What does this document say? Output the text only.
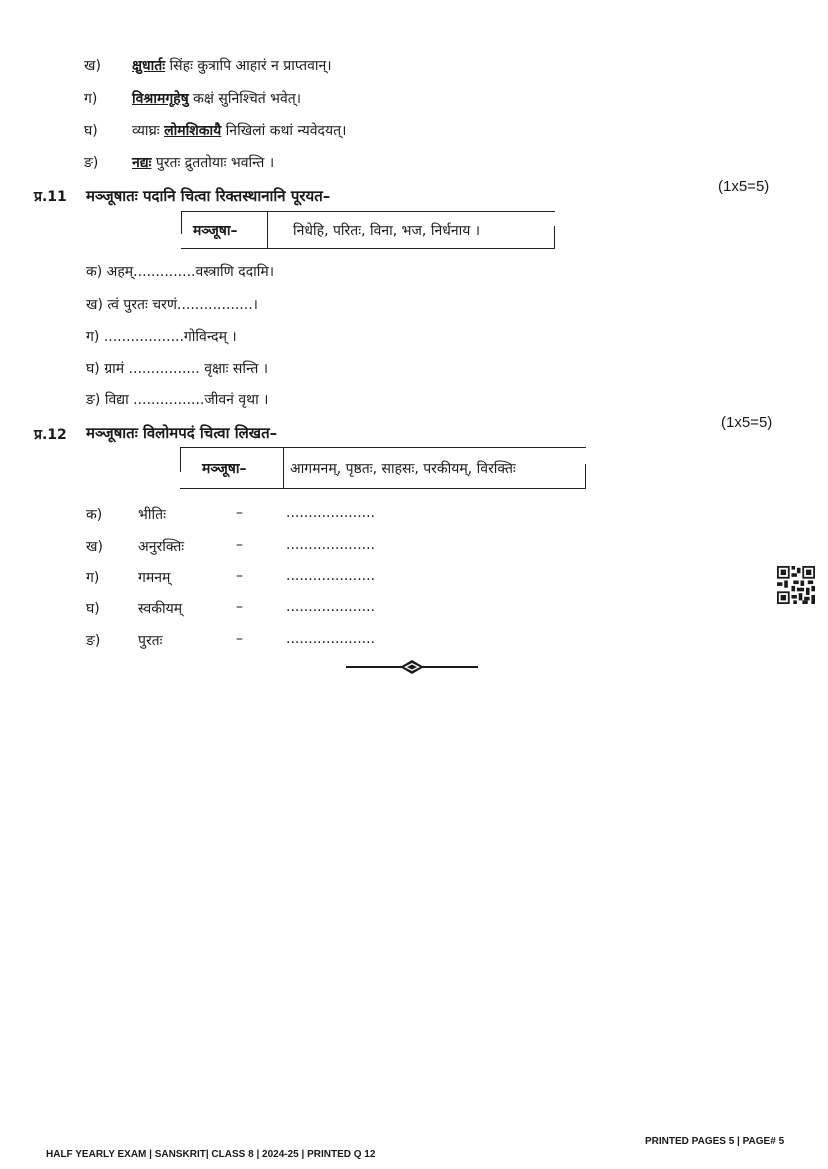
ख) क्षुधार्तः सिंहः कुत्रापि आहारं न प्राप्तवान्।
ग) विश्रामगृहेषु कक्षं सुनिश्चितं भवेत्।
घ) व्याघ्रः लोमशिकायै निखिलां कथां न्यवेदयत्।
ङ) नद्यः पुरतः द्रुततोयाः भवन्ति ।
प्र.11 मञ्जूषातः पदानि चित्वा रिक्तस्थानानि पूरयत–
(1x5=5)
मञ्जूषा–	निधेहि, परितः, विना, भज, निर्धनाय ।
क) अहम्..............वस्त्राणि ददामि।
ख) त्वं पुरतः चरणं.................।
ग) ..................गोविन्दम् ।
घ) ग्रामं ................ वृक्षाः सन्ति ।
ङ) विद्या ................जीवनं वृथा ।
प्र.12 मञ्जूषातः विलोमपदं चित्वा लिखत–
(1x5=5)
मञ्जूषा–	आगमनम्, पृष्ठतः, साहसः, परकीयम्, विरक्तिः
क)	भीतिः	–	....................
ख)	अनुरक्तिः	–	....................
ग)	गमनम्	–	....................
घ)	स्वकीयम्	–	....................
ङ)	पुरतः	–	....................
HALF YEARLY EXAM | SANSKRIT| CLASS 8 | 2024-25 | PRINTED Q 12
PRINTED PAGES 5 | PAGE# 5
